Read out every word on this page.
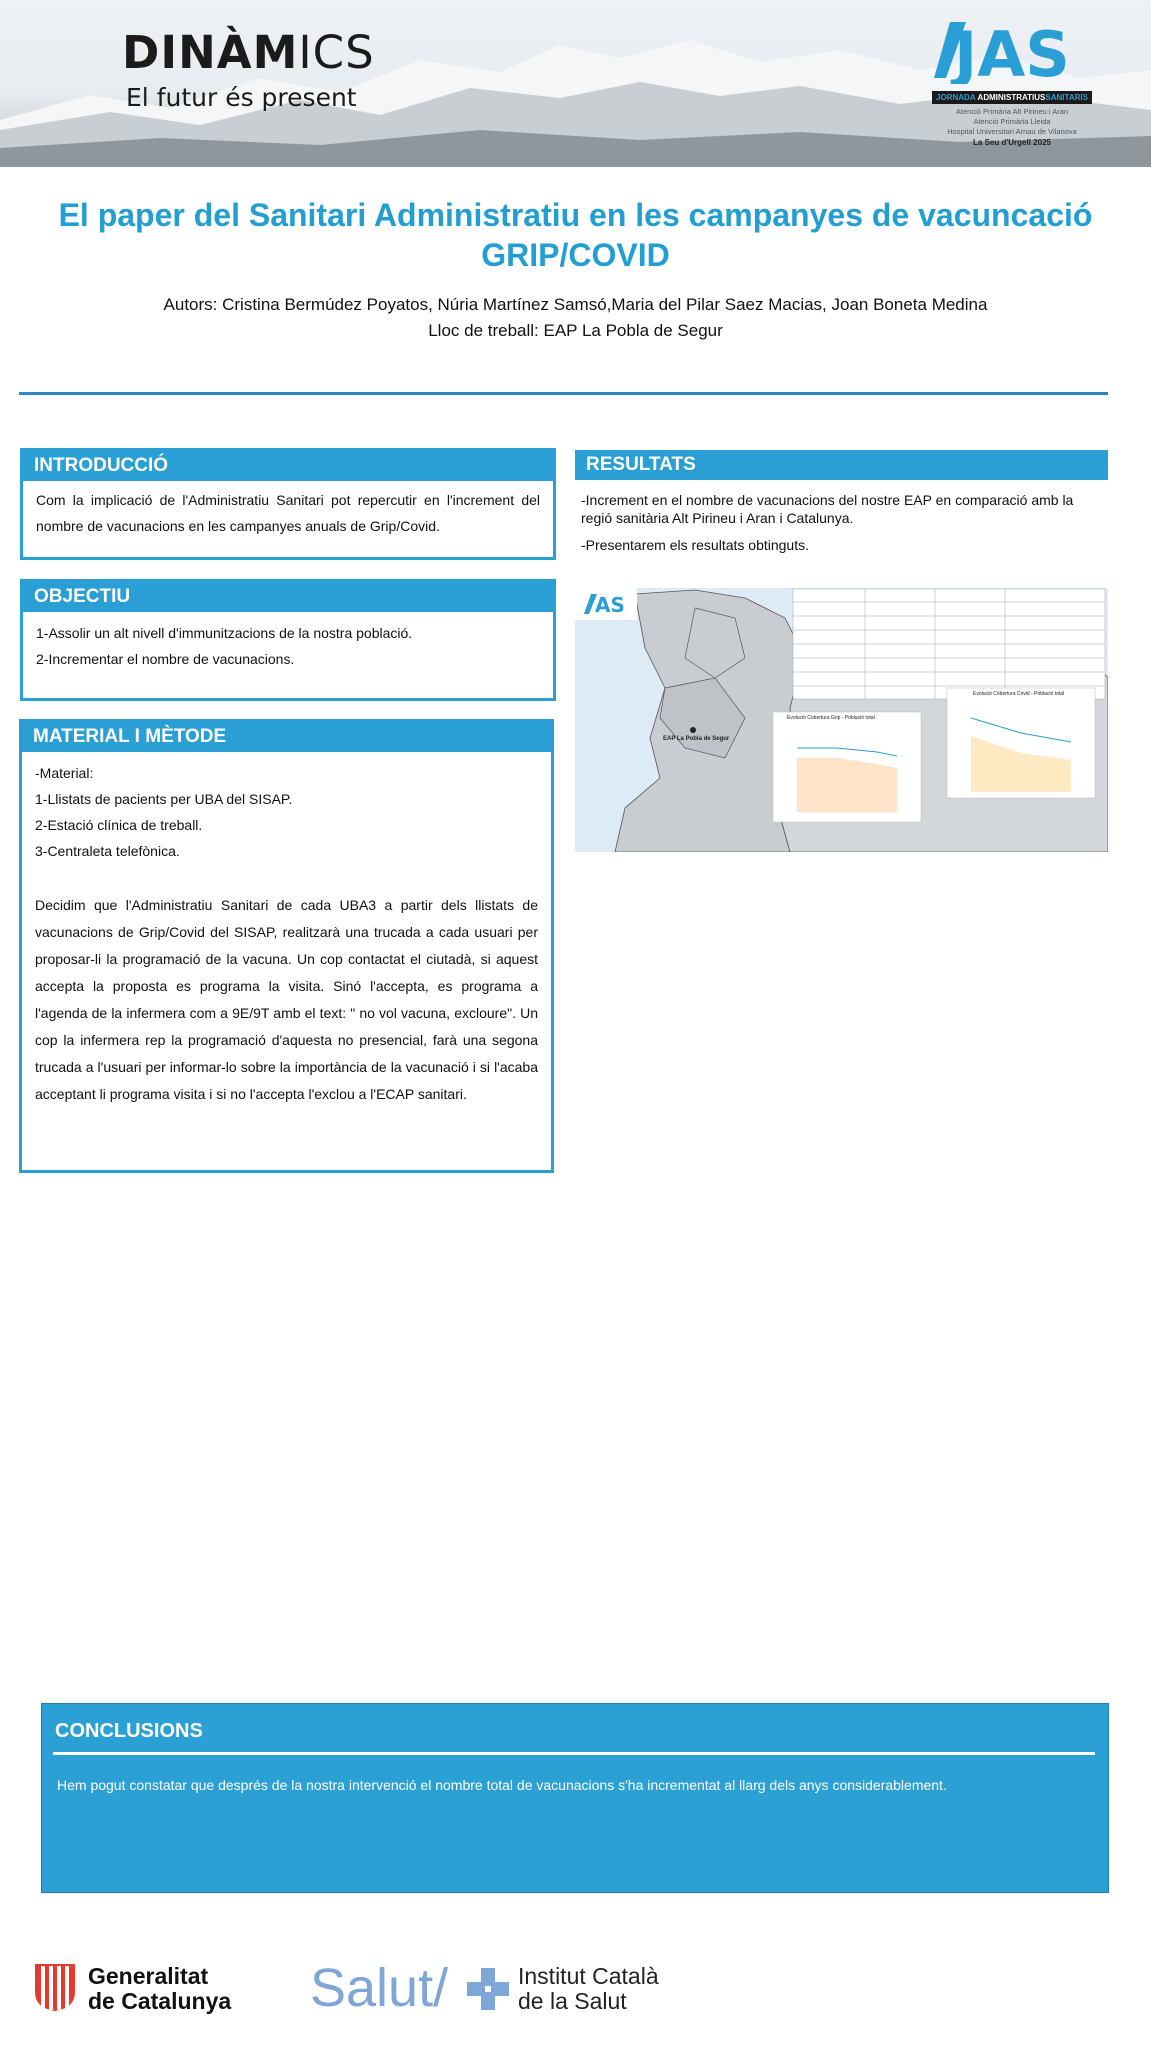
DINÀMICS
El futur és present
JAS
JORNADA ADMINISTRATIUSSANITARIS
Atenció Primària Alt Pirineu i Aran
Atenció Primària Lleida
Hospital Universitari Arnau de Vilanova
La Seu d'Urgell 2025
El paper del Sanitari Administratiu en les campanyes de vacuncació GRIP/COVID
Autors: Cristina Bermúdez Poyatos, Núria Martínez Samsó,Maria del Pilar Saez Macias, Joan Boneta Medina
Lloc de treball: EAP La Pobla de Segur
INTRODUCCIÓ
Com la implicació de l'Administratiu Sanitari pot repercutir en l'increment del nombre de vacunacions en les campanyes anuals de Grip/Covid.
OBJECTIU

1-Assolir un alt nivell d'immunitzacions de la nostra població.

2-Incrementar el nombre de vacunacions.

MATERIAL I MÈTODE

-Material:

1-Llistats de pacients per UBA del SISAP.

2-Estació clínica de treball.

3-Centraleta telefònica.

Decidim que l'Administratiu Sanitari de cada UBA3 a partir dels llistats de vacunacions de Grip/Covid del SISAP, realitzarà una trucada a cada usuari per proposar-li la programació de la vacuna. Un cop contactat el ciutadà, si aquest accepta la proposta es programa la visita. Sinó l'accepta, es programa a l'agenda de la infermera com a 9E/9T amb el text: " no vol vacuna, excloure". Un cop la infermera rep la programació d'aquesta no presencial, farà una segona trucada a l'usuari per informar-lo sobre la importància de la vacunació i si l'acaba acceptant li programa visita i si no l'accepta l'exclou a l'ECAP sanitari.

RESULTATS

-Increment en el nombre de vacunacions del nostre EAP en comparació amb la regió sanitària Alt Pirineu i Aran i Catalunya.

-Presentarem els resultats obtinguts.

AS
EAP La Pobla de Segur
Evolució Cobertura Grip - Població total
Evolució Cobertura Covid - Població total
CONCLUSIONS
Hem pogut constatar que després de la nostra intervenció el nombre total de vacunacions s'ha incrementat al llarg dels anys considerablement.
Generalitat
de Catalunya Salut/	Institut Català
de la Salut
